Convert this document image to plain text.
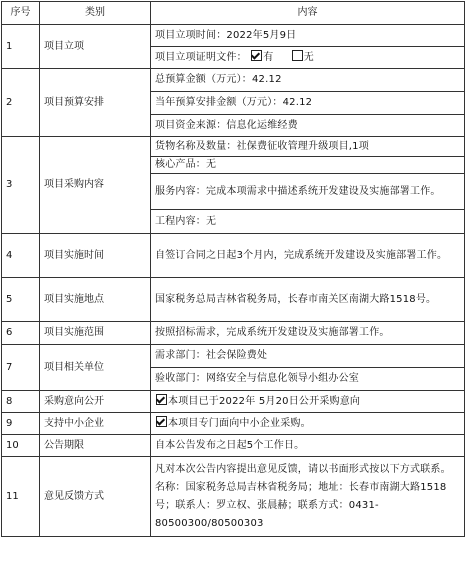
序号	类别	内容
1	项目立项	项目立项时间：2022年5月9日
		项目立项证明文件： 有 无
2	项目预算安排	总预算金额（万元）：42.12
		当年预算安排金额（万元）：42.12
		项目资金来源：信息化运维经费
3	项目采购内容	货物名称及数量：社保费征收管理升级项目,1项
		核心产品：无
		服务内容：完成本项需求中描述系统开发建设及实施部署工作。
		工程内容：无
4	项目实施时间	自签订合同之日起3个月内，完成系统开发建设及实施部署工作。
5	项目实施地点	国家税务总局吉林省税务局，长春市南关区南湖大路1518号。
6	项目实施范围	按照招标需求，完成系统开发建设及实施部署工作。
7	项目相关单位	需求部门：社会保险费处
		验收部门：网络安全与信息化领导小组办公室
8	采购意向公开	本项目已于2022年 5月20日公开采购意向
9	支持中小企业	本项目专门面向中小企业采购。
10	公告期限	自本公告发布之日起5个工作日。
11	意见反馈方式	凡对本次公告内容提出意见反馈，请以书面形式按以下方式联系。名称：国家税务总局吉林省税务局；地址：长春市南湖大路1518号；联系人：罗立权、张晨赫；联系方式：0431-80500300/80500303
